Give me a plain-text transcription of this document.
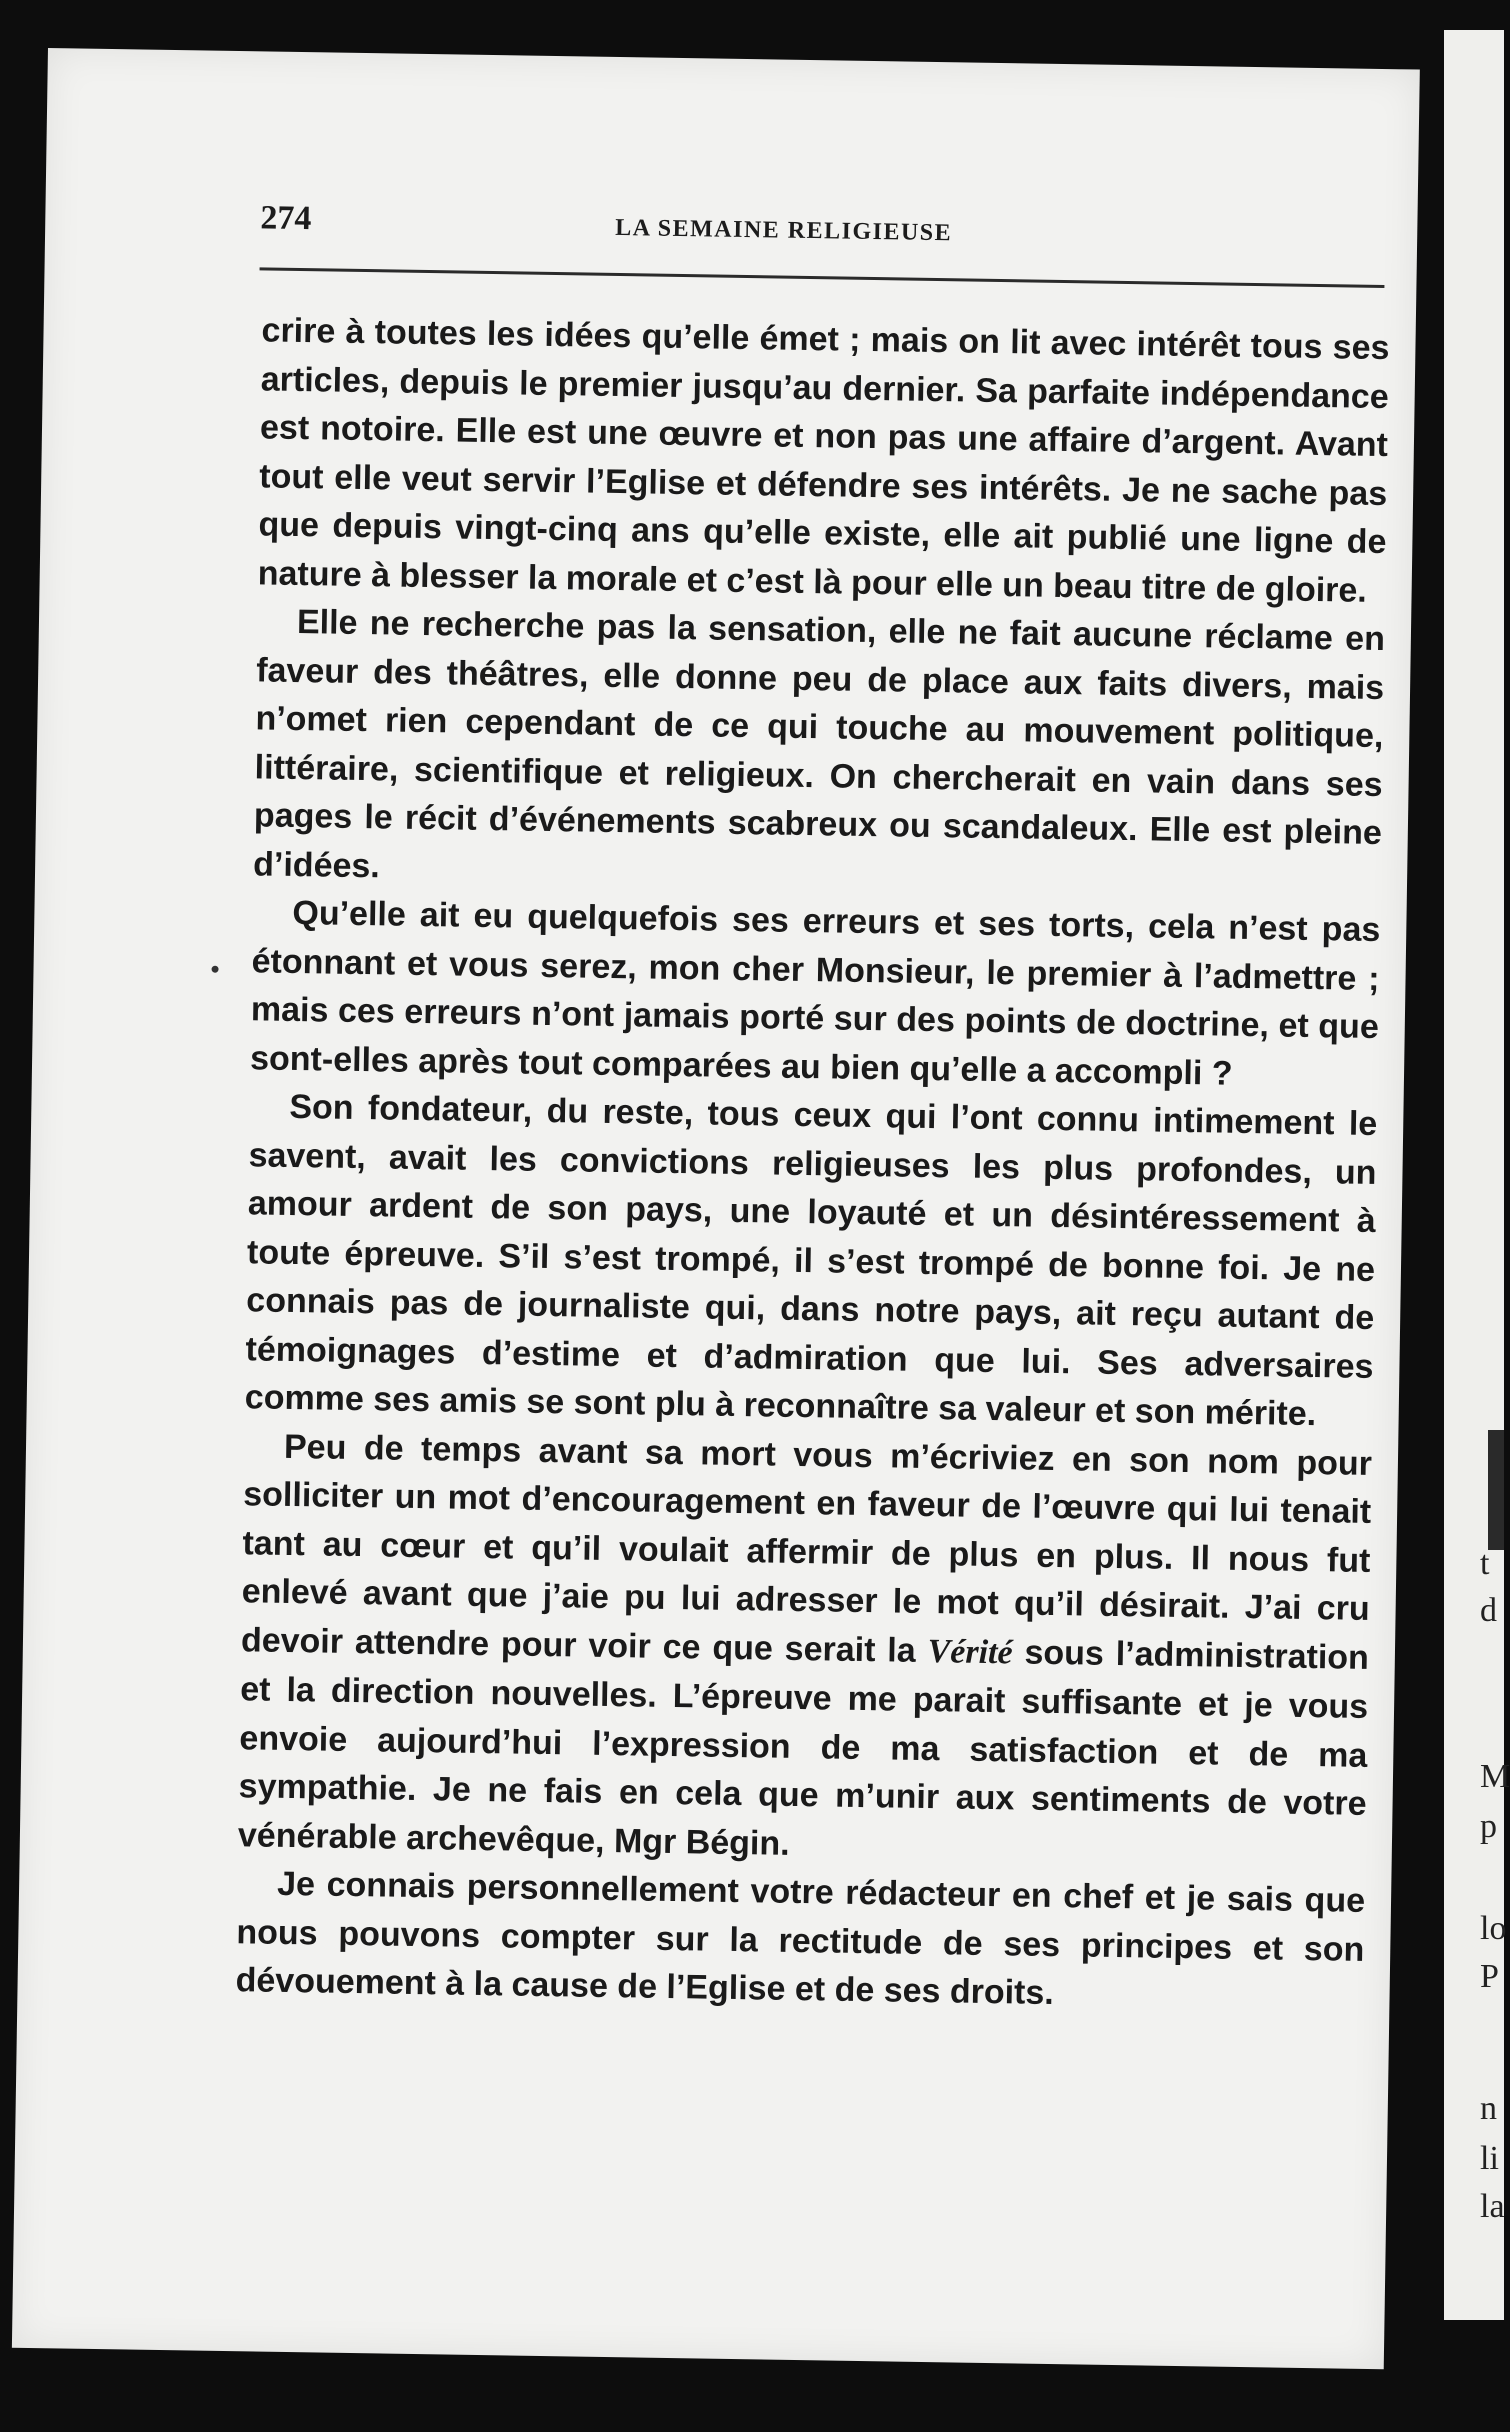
274	LA SEMAINE RELIGIEUSE

crire à toutes les idées qu’elle émet ; mais on lit avec intérêt tous ses articles, depuis le premier jusqu’au dernier. Sa parfaite indépendance est notoire. Elle est une œuvre et non pas une affaire d’argent. Avant tout elle veut servir l’Eglise et défendre ses intérêts. Je ne sache pas que depuis vingt-cinq ans qu’elle existe, elle ait publié une ligne de nature à blesser la morale et c’est là pour elle un beau titre de gloire.

Elle ne recherche pas la sensation, elle ne fait aucune réclame en faveur des théâtres, elle donne peu de place aux faits divers, mais n’omet rien cependant de ce qui touche au mouvement politique, littéraire, scientifique et religieux. On chercherait en vain dans ses pages le récit d’événements scabreux ou scandaleux. Elle est pleine d’idées.

Qu’elle ait eu quelquefois ses erreurs et ses torts, cela n’est pas étonnant et vous serez, mon cher Monsieur, le premier à l’admettre ; mais ces erreurs n’ont jamais porté sur des points de doctrine, et que sont-elles après tout comparées au bien qu’elle a accompli ?

Son fondateur, du reste, tous ceux qui l’ont connu intimement le savent, avait les convictions religieuses les plus profondes, un amour ardent de son pays, une loyauté et un désintéressement à toute épreuve. S’il s’est trompé, il s’est trompé de bonne foi. Je ne connais pas de journaliste qui, dans notre pays, ait reçu autant de témoignages d’estime et d’admiration que lui. Ses adversaires comme ses amis se sont plu à reconnaître sa valeur et son mérite.

Peu de temps avant sa mort vous m’écriviez en son nom pour solliciter un mot d’encouragement en faveur de l’œuvre qui lui tenait tant au cœur et qu’il voulait affermir de plus en plus. Il nous fut enlevé avant que j’aie pu lui adresser le mot qu’il désirait. J’ai cru devoir attendre pour voir ce que serait la Vérité sous l’administration et la direction nouvelles. L’épreuve me parait suffisante et je vous envoie aujourd’hui l’expression de ma satisfaction et de ma sympathie. Je ne fais en cela que m’unir aux sentiments de votre vénérable archevêque, Mgr Bégin.

Je connais personnellement votre rédacteur en chef et je sais que nous pouvons compter sur la rectitude de ses principes et son dévouement à la cause de l’Eglise et de ses droits.

t
d
M
p
lo
P
n
li
la
